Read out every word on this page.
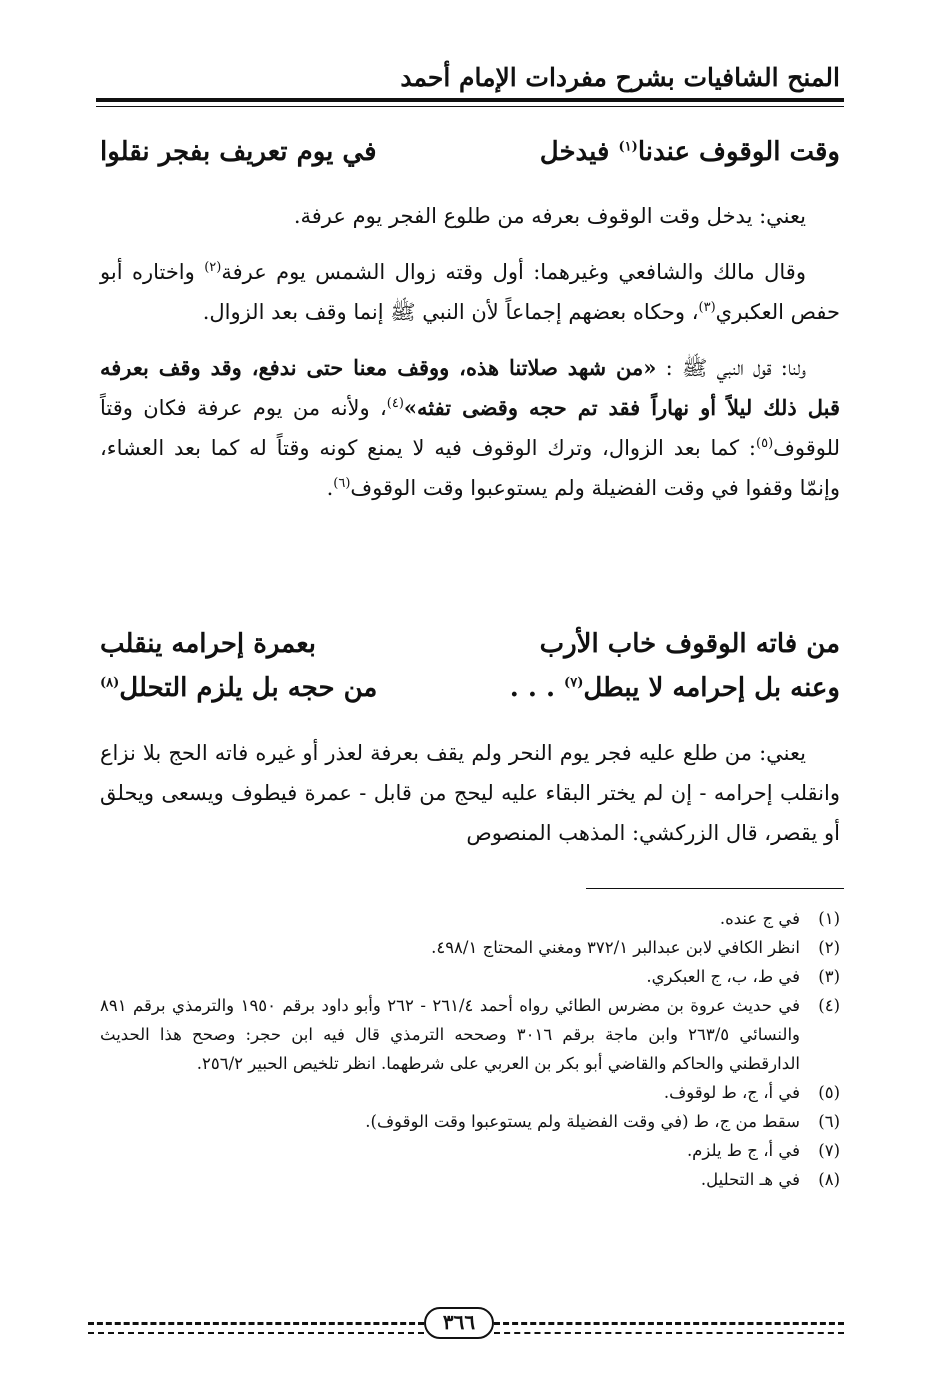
المنح الشافيات بشرح مفردات الإمام أحمد
وقت الوقوف عندنا$^{(١)}$ فيدخل
في يوم تعريف بفجر نقلوا

يعني: يدخل وقت الوقوف بعرفه من طلوع الفجر يوم عرفة.

وقال مالك والشافعي وغيرهما: أول وقته زوال الشمس يوم عرفة$^{(٢)}$ واختاره أبو حفص العكبري$^{(٣)}$، وحكاه بعضهم إجماعاً لأن النبي ﷺ إنما وقف بعد الزوال.

ولنا: قول النبي ﷺ : «من شهد صلاتنا هذه، ووقف معنا حتى ندفع، وقد وقف بعرفه قبل ذلك ليلاً أو نهاراً فقد تم حجه وقضى تفثه»$^{(٤)}$، ولأنه من يوم عرفة فكان وقتاً للوقوف$^{(٥)}$: كما بعد الزوال، وترك الوقوف فيه لا يمنع كونه وقتاً له كما بعد العشاء، وإنمّا وقفوا في وقت الفضيلة ولم يستوعبوا وقت الوقوف$^{(٦)}$.

من فاته الوقوف خاب الأرب
بعمرة إحرامه ينقلب
وعنه بل إحرامه لا يبطل$^{(٧)}$ . . .
من حجه بل يلزم التحلل$^{(٨)}$

يعني: من طلع عليه فجر يوم النحر ولم يقف بعرفة لعذر أو غيره فاته الحج بلا نزاع وانقلب إحرامه - إن لم يختر البقاء عليه ليحج من قابل - عمرة فيطوف ويسعى ويحلق أو يقصر، قال الزركشي: المذهب المنصوص

(١)
في ج عنده.
(٢)
انظر الكافي لابن عبدالبر ٣٧٢/١ ومغني المحتاج ٤٩٨/١.
(٣)
في ط، ب، ج العبكري.
(٤)
في حديث عروة بن مضرس الطائي رواه أحمد ٢٦١/٤ - ٢٦٢ وأبو داود برقم ١٩٥٠ والترمذي برقم ٨٩١ والنسائي ٢٦٣/٥ وابن ماجة برقم ٣٠١٦ وصححه الترمذي قال فيه ابن حجر: وصحح هذا الحديث الدارقطني والحاكم والقاضي أبو بكر بن العربي على شرطهما. انظر تلخيص الحبير ٢٥٦/٢.
(٥)
في أ، ج، ط لوقوف.
(٦)
سقط من ج، ط (في وقت الفضيلة ولم يستوعبوا وقت الوقوف).
(٧)
في أ، ج ط يلزم.
(٨)
في هـ التحليل.
٣٦٦
